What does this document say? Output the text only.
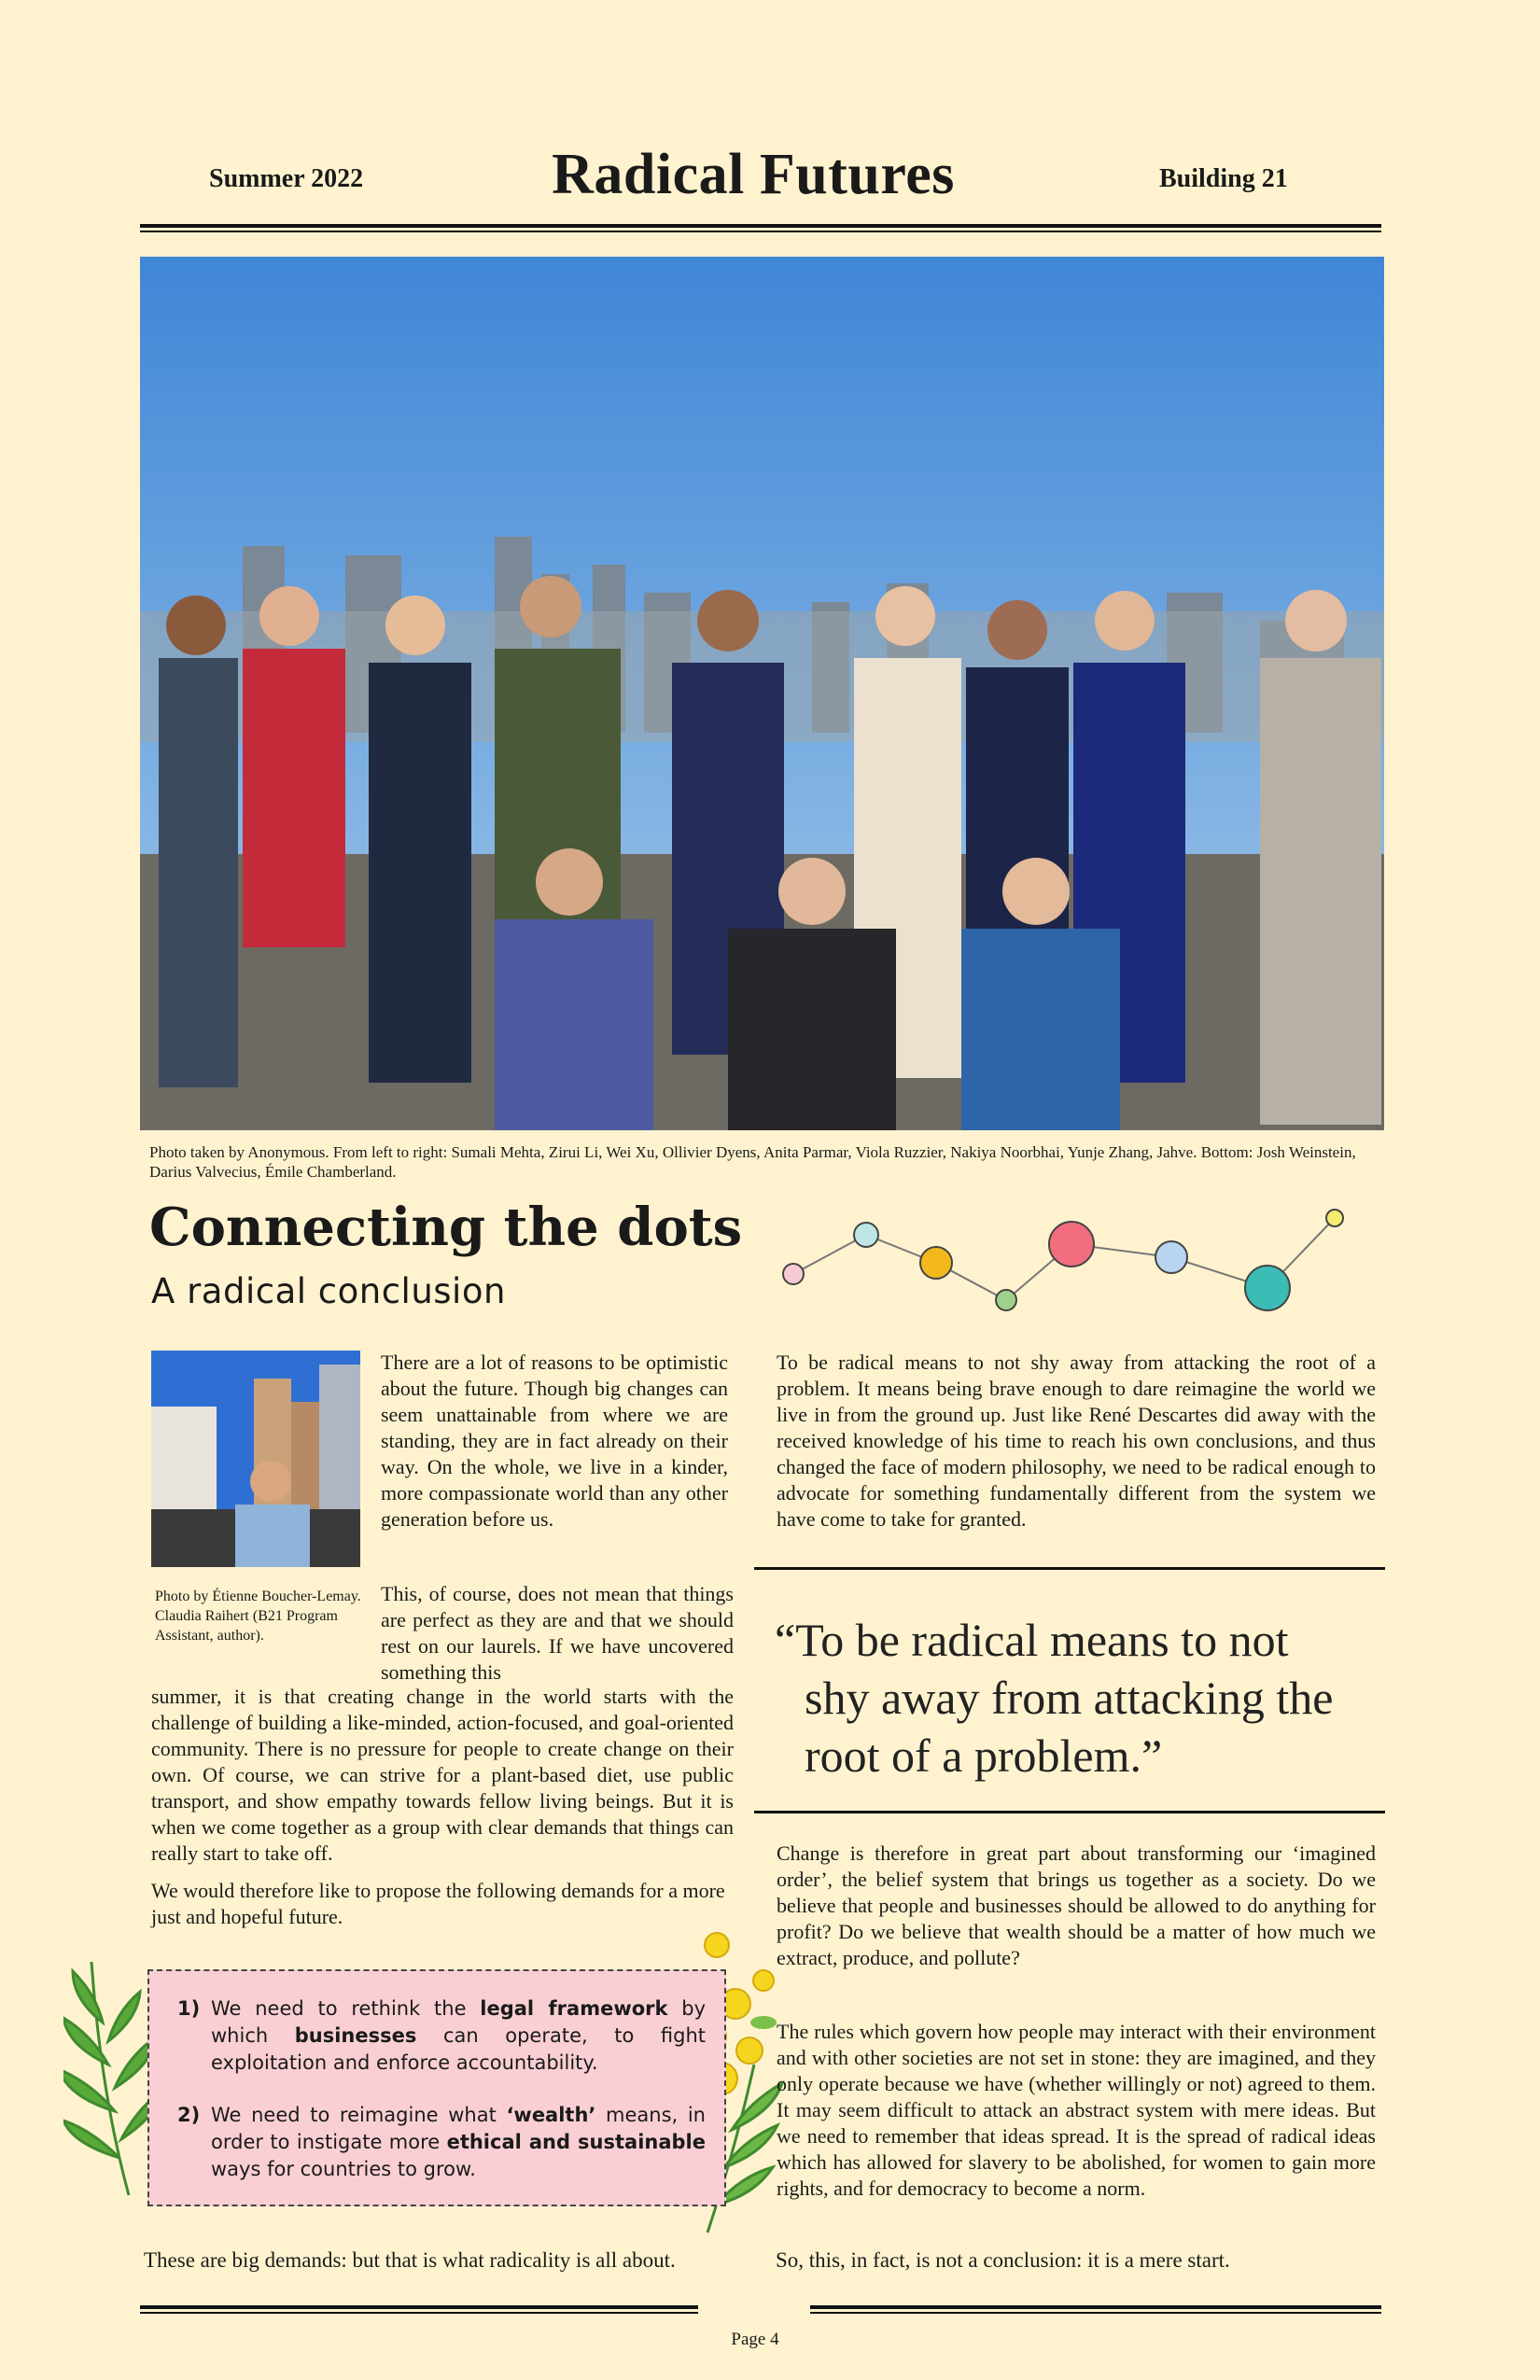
Summer 2022	Radical Futures	Building 21
Photo taken by Anonymous. From left to right: Sumali Mehta, Zirui Li, Wei Xu, Ollivier Dyens, Anita Parmar, Viola Ruzzier, Nakiya Noorbhai, Yunje Zhang, Jahve. Bottom: Josh Weinstein, Darius Valvecius, Émile Chamberland.
Connecting the dots
A radical conclusion
Photo by Étienne Boucher-Lemay. Claudia Raihert (B21 Program Assistant, author).
There are a lot of reasons to be optimistic about the future. Though big changes can seem unattainable from where we are standing, they are in fact already on their way. On the whole, we live in a kinder, more compassionate world than any other generation before us.
This, of course, does not mean that things are perfect as they are and that we should rest on our laurels. If we have uncovered something this
summer, it is that creating change in the world starts with the challenge of building a like-minded, action-focused, and goal-oriented community. There is no pressure for people to create change on their own. Of course, we can strive for a plant-based diet, use public transport, and show empathy towards fellow living beings. But it is when we come together as a group with clear demands that things can really start to take off.
We would therefore like to propose the following demands for a more just and hopeful future.
1) We need to rethink the legal framework by which businesses can operate, to fight exploitation and enforce accountability.
2) We need to reimagine what ‘wealth’ means, in order to instigate more ethical and sustainable ways for countries to grow.
These are big demands: but that is what radicality is all about.
To be radical means to not shy away from attacking the root of a problem. It means being brave enough to dare reimagine the world we live in from the ground up. Just like René Descartes did away with the received knowledge of his time to reach his own conclusions, and thus changed the face of modern philosophy, we need to be radical enough to advocate for something fundamentally different from the system we have come to take for granted.
“To be radical means to not
shy away from attacking the
root of a problem.”
Change is therefore in great part about transforming our ‘imagined order’, the belief system that brings us together as a society. Do we believe that people and businesses should be allowed to do anything for profit? Do we believe that wealth should be a matter of how much we extract, produce, and pollute?
The rules which govern how people may interact with their environment and with other societies are not set in stone: they are imagined, and they only operate because we have (whether willingly or not) agreed to them. It may seem difficult to attack an abstract system with mere ideas. But we need to remember that ideas spread. It is the spread of radical ideas which has allowed for slavery to be abolished, for women to gain more rights, and for democracy to become a norm.
So, this, in fact, is not a conclusion: it is a mere start.
Page 4
